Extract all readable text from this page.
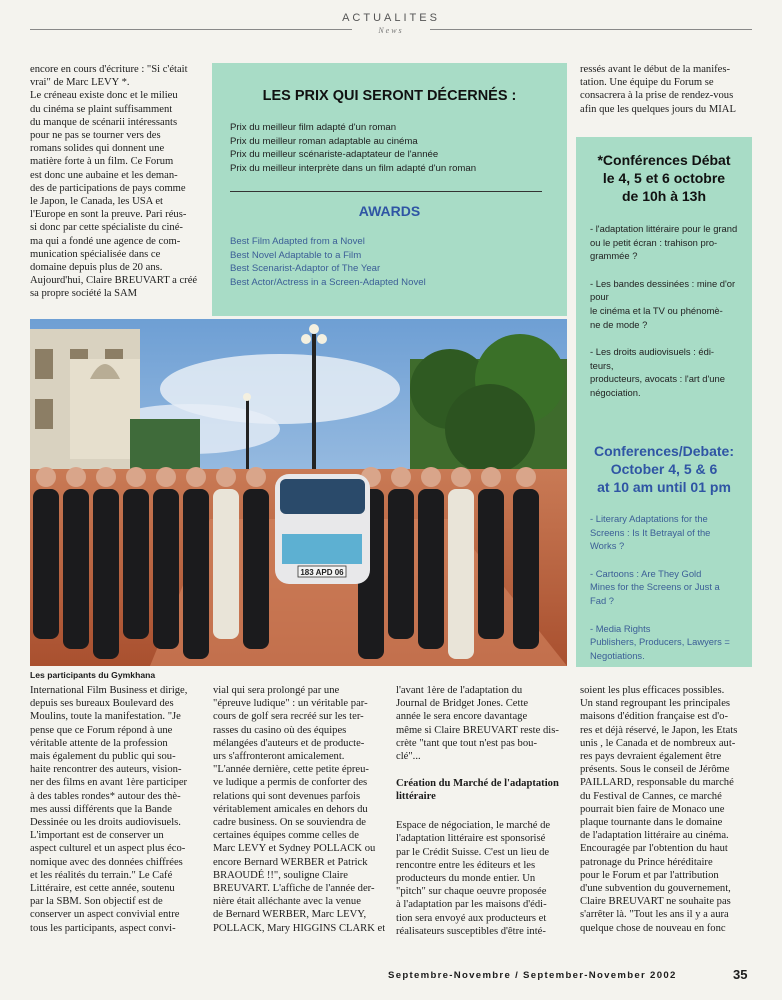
ACTUALITES
News
encore en cours d'écriture : "Si c'était
vrai" de Marc LEVY *.
Le créneau existe donc et le milieu
du cinéma se plaint suffisamment
du manque de scénarii intéressants
pour ne pas se tourner vers des
romans solides qui donnent une
matière forte à un film. Ce Forum
est donc une aubaine et les deman-
des de participations de pays comme
le Japon, le Canada, les USA et
l'Europe en sont la preuve. Pari réus-
si donc par cette spécialiste du ciné-
ma qui a fondé une agence de com-
munication spécialisée dans ce
domaine depuis plus de 20 ans.
Aujourd'hui, Claire BREUVART a créé
sa propre société la SAM
LES PRIX QUI SERONT DÉCERNÉS :
Prix du meilleur film adapté d'un roman
Prix du meilleur roman adaptable au cinéma
Prix du meilleur scénariste-adaptateur de l'année
Prix du meilleur interprète dans un film adapté d'un roman
AWARDS
Best Film Adapted from a Novel
Best Novel Adaptable to a Film
Best Scenarist-Adaptor of The Year
Best Actor/Actress in a Screen-Adapted Novel
ressés avant le début de la manifes-
tation. Une équipe du Forum se
consacrera à la prise de rendez-vous
afin que les quelques jours du MIAL
*Conférences Débat
le 4, 5 et 6 octobre
de 10h à 13h
- l'adaptation littéraire pour le grand
ou le petit écran : trahison pro-
grammée ?
- Les bandes dessinées : mine d'or pour
le cinéma et la TV ou phénomè-
ne de mode ?
- Les droits audiovisuels : édi-
teurs,
producteurs, avocats : l'art d'une
négociation.
Conferences/Debate:
October 4, 5 & 6
at 10 am until 01 pm
- Literary Adaptations for the
Screens : Is It Betrayal of the
Works ?
- Cartoons : Are They Gold
Mines for the Screens or Just a
Fad ?
- Media Rights
Publishers, Producers, Lawyers =
Negotiations.
183 APD 06
Les participants du Gymkhana
International Film Business et dirige,
depuis ses bureaux Boulevard des
Moulins, toute la manifestation. "Je
pense que ce Forum répond à une
véritable attente de la profession
mais également du public qui sou-
haite rencontrer des auteurs, vision-
ner des films en avant 1ère participer
à des tables rondes* autour des thè-
mes aussi différents que la Bande
Dessinée ou les droits audiovisuels.
L'important est de conserver un
aspect culturel et un aspect plus éco-
nomique avec des données chiffrées
et les réalités du terrain." Le Café
Littéraire, est cette année, soutenu
par la SBM. Son objectif est de
conserver un aspect convivial entre
tous les participants, aspect convi-
vial qui sera prolongé par une
"épreuve ludique" : un véritable par-
cours de golf sera recréé sur les ter-
rasses du casino où des équipes
mélangées d'auteurs et de producte-
urs s'affronteront amicalement.
"L'année dernière, cette petite épreu-
ve ludique a permis de conforter des
relations qui sont devenues parfois
véritablement amicales en dehors du
cadre business. On se souviendra de
certaines équipes comme celles de
Marc LEVY et Sydney POLLACK ou
encore Bernard WERBER et Patrick
BRAOUDÉ !!", souligne Claire
BREUVART. L'affiche de l'année der-
nière était alléchante avec la venue
de Bernard WERBER, Marc LEVY,
POLLACK, Mary HIGGINS CLARK et
l'avant 1ère de l'adaptation du
Journal de Bridget Jones. Cette
année le sera encore davantage
même si Claire BREUVART reste dis-
crète "tant que tout n'est pas bou-
clé"...
Création du Marché de l'adaptation
littéraire
Espace de négociation, le marché de
l'adaptation littéraire est sponsorisé
par le Crédit Suisse. C'est un lieu de
rencontre entre les éditeurs et les
producteurs du monde entier. Un
"pitch" sur chaque oeuvre proposée
à l'adaptation par les maisons d'édi-
tion sera envoyé aux producteurs et
réalisateurs susceptibles d'être inté-
soient les plus efficaces possibles.
Un stand regroupant les principales
maisons d'édition française est d'o-
res et déjà réservé, le Japon, les Etats
unis , le Canada et de nombreux aut-
res pays devraient également être
présents. Sous le conseil de Jérôme
PAILLARD, responsable du marché
du Festival de Cannes, ce marché
pourrait bien faire de Monaco une
plaque tournante dans le domaine
de l'adaptation littéraire au cinéma.
Encouragée par l'obtention du haut
patronage du Prince héréditaire
pour le Forum et par l'attribution
d'une subvention du gouvernement,
Claire BREUVART ne souhaite pas
s'arrêter là. "Tout les ans il y a aura
quelque chose de nouveau en fonc
Septembre-Novembre / September-November 2002	35
